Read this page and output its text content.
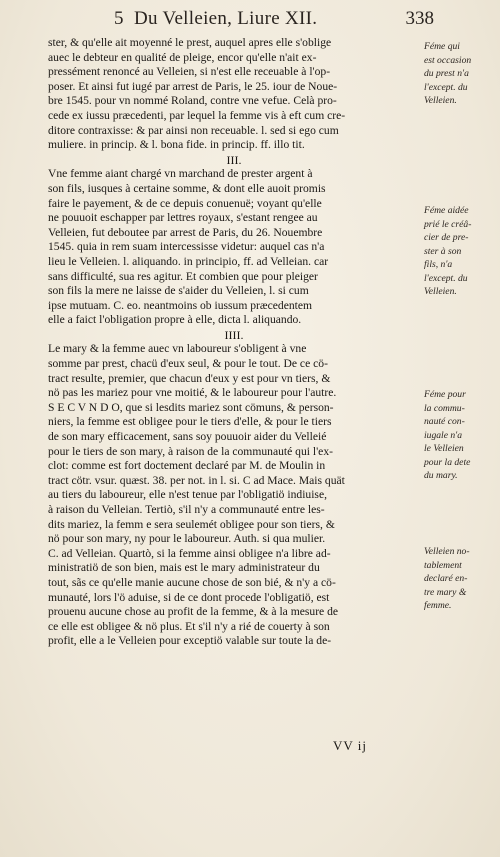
5 Du Velleien, Liure XII.	338
ster, & qu'elle ait moyenné le prest, auquel apres elle s'oblige
auec le debteur en qualité de pleige, encor qu'elle n'ait ex-
pressément renoncé au Velleien, si n'est elle receuable à l'op-
poser. Et ainsi fut iugé par arrest de Paris, le 25. iour de Noue-
bre 1545. pour vn nommé Roland, contre vne vefue. Celà pro-
cede ex iussu præcedenti, par lequel la femme vis à eft cum cre-
ditore contraxisse: & par ainsi non receuable. l. sed si ego cum
muliere. in princip. & l. bona fide. in princip. ff. illo tit.
III.
Vne femme aiant chargé vn marchand de prester argent à
son fils, iusques à certaine somme, & dont elle auoit promis
faire le payement, & de ce depuis conuenuë; voyant qu'elle
ne pouuoit eschapper par lettres royaux, s'estant rengee au
Velleien, fut deboutee par arrest de Paris, du 26. Nouembre
1545. quia in rem suam intercessisse videtur: auquel cas n'a
lieu le Velleien. l. aliquando. in principio, ff. ad Velleian. car
sans difficulté, sua res agitur. Et combien que pour pleiger
son fils la mere ne laisse de s'aider du Velleien, l. si cum
ipse mutuam. C. eo. neantmoins ob iussum præcedentem
elle a faict l'obligation propre à elle, dicta l. aliquando.
IIII.
Le mary & la femme auec vn laboureur s'obligent à vne
somme par prest, chacü d'eux seul, & pour le tout. De ce cö-
tract resulte, premier, que chacun d'eux y est pour vn tiers, &
nö pas les mariez pour vne moitié, & le laboureur pour l'autre.
S E C V N D O, que si lesdits mariez sont cömuns, & person-
niers, la femme est obligee pour le tiers d'elle, & pour le tiers
de son mary efficacement, sans soy pouuoir aider du Velleié
pour le tiers de son mary, à raison de la communauté qui l'ex-
clot: comme est fort doctement declaré par M. de Moulin in
tract cötr. vsur. quæst. 38. per not. in l. si. C ad Mace. Mais quät
au tiers du laboureur, elle n'est tenue par l'obligatiö indiuise,
à raison du Velleian. Tertiò, s'il n'y a communauté entre les-
dits mariez, la femm e sera seulemét obligee pour son tiers, &
nö pour son mary, ny pour le laboureur. Auth. si qua mulier.
C. ad Velleian. Quartò, si la femme ainsi obligee n'a libre ad-
ministratiö de son bien, mais est le mary administrateur du
tout, sãs ce qu'elle manie aucune chose de son bié, & n'y a cö-
munauté, lors l'ö aduise, si de ce dont procede l'obligatiö, est
prouenu aucune chose au profit de la femme, & à la mesure de
ce elle est obligee & nö plus. Et s'il n'y a rié de couerty à son
profit, elle a le Velleien pour exceptiö valable sur toute la de-
Féme qui
est occasion
du prest n'a
l'except. du
Velleien.
Féme aidée
prié le créâ-
cier de pre-
ster à son
fils, n'a
l'except. du
Velleien.
Féme pour
la commu-
nauté con-
iugale n'a
le Velleien
pour la dete
du mary.
Velleien no-
tablement
declaré en-
tre mary &
femme.
VV ij
